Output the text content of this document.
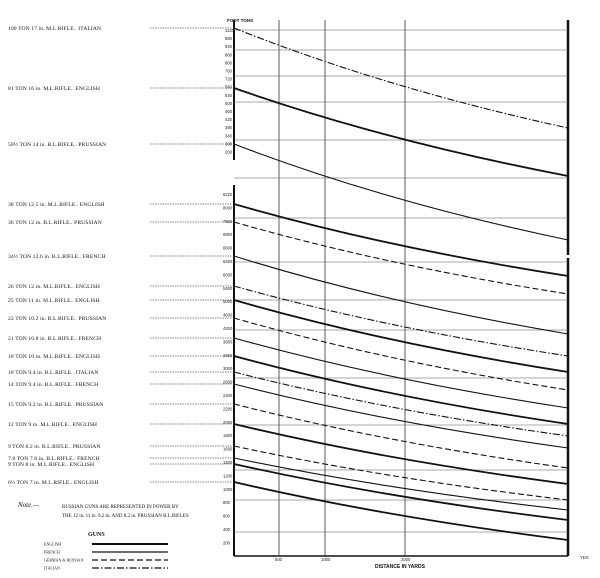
100 TON 17 in. M.L.RIFLE.. ITALIAN
81 TON 16 in. M.L.RIFLE.. ENGLISH
50½ TON 14 in. B.L.RIFLE.. PRUSSIAN
38 TON 12.5 in. M.L.RIFLE.. ENGLISH
36 TON 12 in. B.L.RIFLE.. PRUSSIAN
34½ TON 12.6 in. B.L.RIFLE.. FRENCH
26 TON 12 in. M.L.RIFLE.. ENGLISH
25 TON 11 in. M.L.RIFLE.. ENGLISH
22 TON 10.2 in. B.L.RIFLE.. PRUSSIAN
21 TON 10.8 in. B.L.RIFLE.. FRENCH
18 TON 10 in. M.L.RIFLE.. ENGLISH
18 TON 9.4 in. B.L.RIFLE.. ITALIAN
14 TON 9.4 in. B.L.RIFLE.. FRENCH
15 TON 9.2 in. B.L.RIFLE.. PRUSSIAN
12 TON 9 in. M.L.RIFLE.. ENGLISH
9 TON 8.2 in. B.L.RIFLE.. PRUSSIAN
7.8 TON 7.8 in. B.L.RIFLE.. FRENCH
9 TON 8 in. M.L.RIFLE.. ENGLISH
6½ TON 7 in. M.L.RIFLE.. ENGLISH
1120
980
940
880
800
760
720
580
540
500
460
420
380
340
300
260
8220
8000
7800
6800
6600
6400
6000
5400
5000
4600
4200
3800
3400
3000
2600
2400
2200
2000
1800
1600
1400
1200
1000
800
600
400
200
500	1000	2000
FOOT TONS
DISTANCE IN YARDS
YDS
Note.—	RUSSIAN GUNS ARE REPRESENTED IN POWER BY
THE 12 in. 11 in. 9.2 in. AND 8.2 in. PRUSSIAN B.L.RIFLES
GUNS
ENGLISH
FRENCH
GERMAN & RUSSIAN
ITALIAN
